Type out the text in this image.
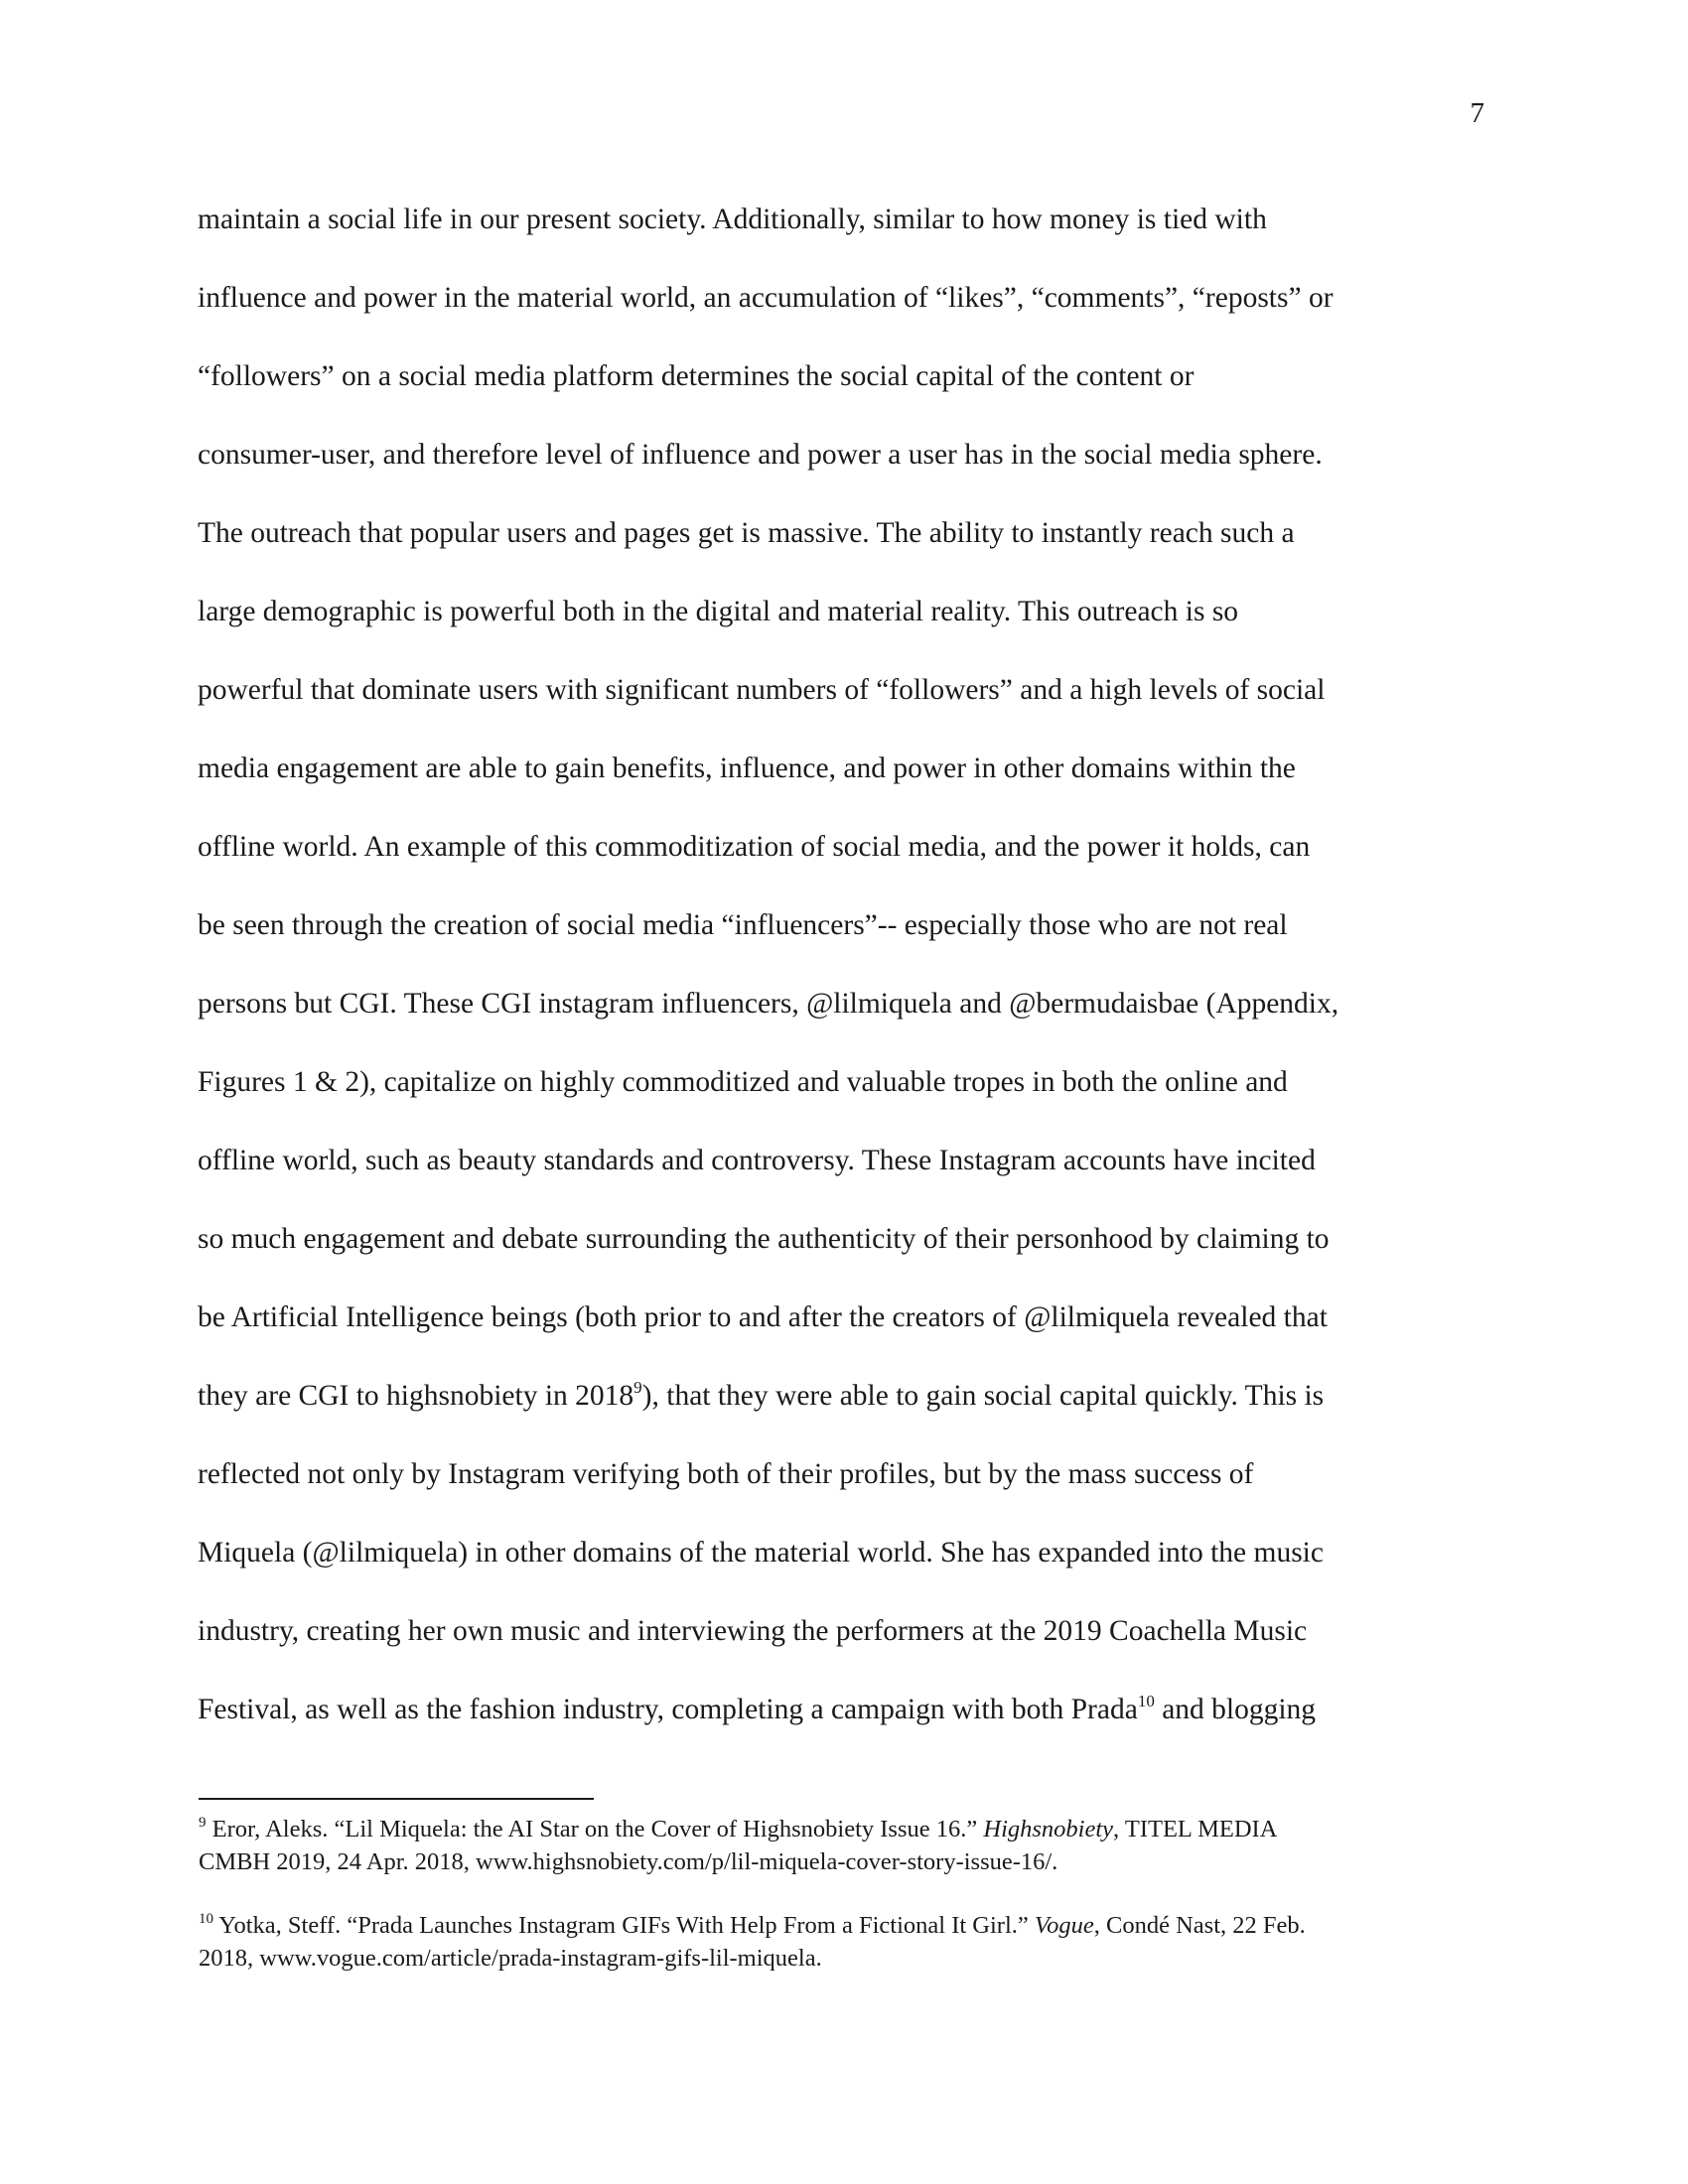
7
maintain a social life in our present society. Additionally, similar to how money is tied with
influence and power in the material world, an accumulation of “likes”, “comments”, “reposts” or
“followers” on a social media platform determines the social capital of the content or
consumer-user, and therefore level of influence and power a user has in the social media sphere.
The outreach that popular users and pages get is massive. The ability to instantly reach such a
large demographic is powerful both in the digital and material reality. This outreach is so
powerful that dominate users with significant numbers of “followers” and a high levels of social
media engagement are able to gain benefits, influence, and power in other domains within the
offline world. An example of this commoditization of social media, and the power it holds, can
be seen through the creation of social media “influencers”-- especially those who are not real
persons but CGI. These CGI instagram influencers, @lilmiquela and @bermudaisbae (Appendix,
Figures 1 & 2), capitalize on highly commoditized and valuable tropes in both the online and
offline world, such as beauty standards and controversy. These Instagram accounts have incited
so much engagement and debate surrounding the authenticity of their personhood by claiming to
be Artificial Intelligence beings (both prior to and after the creators of @lilmiquela revealed that
they are CGI to highsnobiety in 2018$^9$), that they were able to gain social capital quickly. This is
reflected not only by Instagram verifying both of their profiles, but by the mass success of
Miquela (@lilmiquela) in other domains of the material world. She has expanded into the music
industry, creating her own music and interviewing the performers at the 2019 Coachella Music
Festival, as well as the fashion industry, completing a campaign with both Prada$^{10}$ and blogging

$^9$ Eror, Aleks. “Lil Miquela: the AI Star on the Cover of Highsnobiety Issue 16.” Highsnobiety, TITEL MEDIA
CMBH 2019, 24 Apr. 2018, www.highsnobiety.com/p/lil-miquela-cover-story-issue-16/.

$^{10}$ Yotka, Steff. “Prada Launches Instagram GIFs With Help From a Fictional It Girl.” Vogue, Condé Nast, 22 Feb.
2018, www.vogue.com/article/prada-instagram-gifs-lil-miquela.
